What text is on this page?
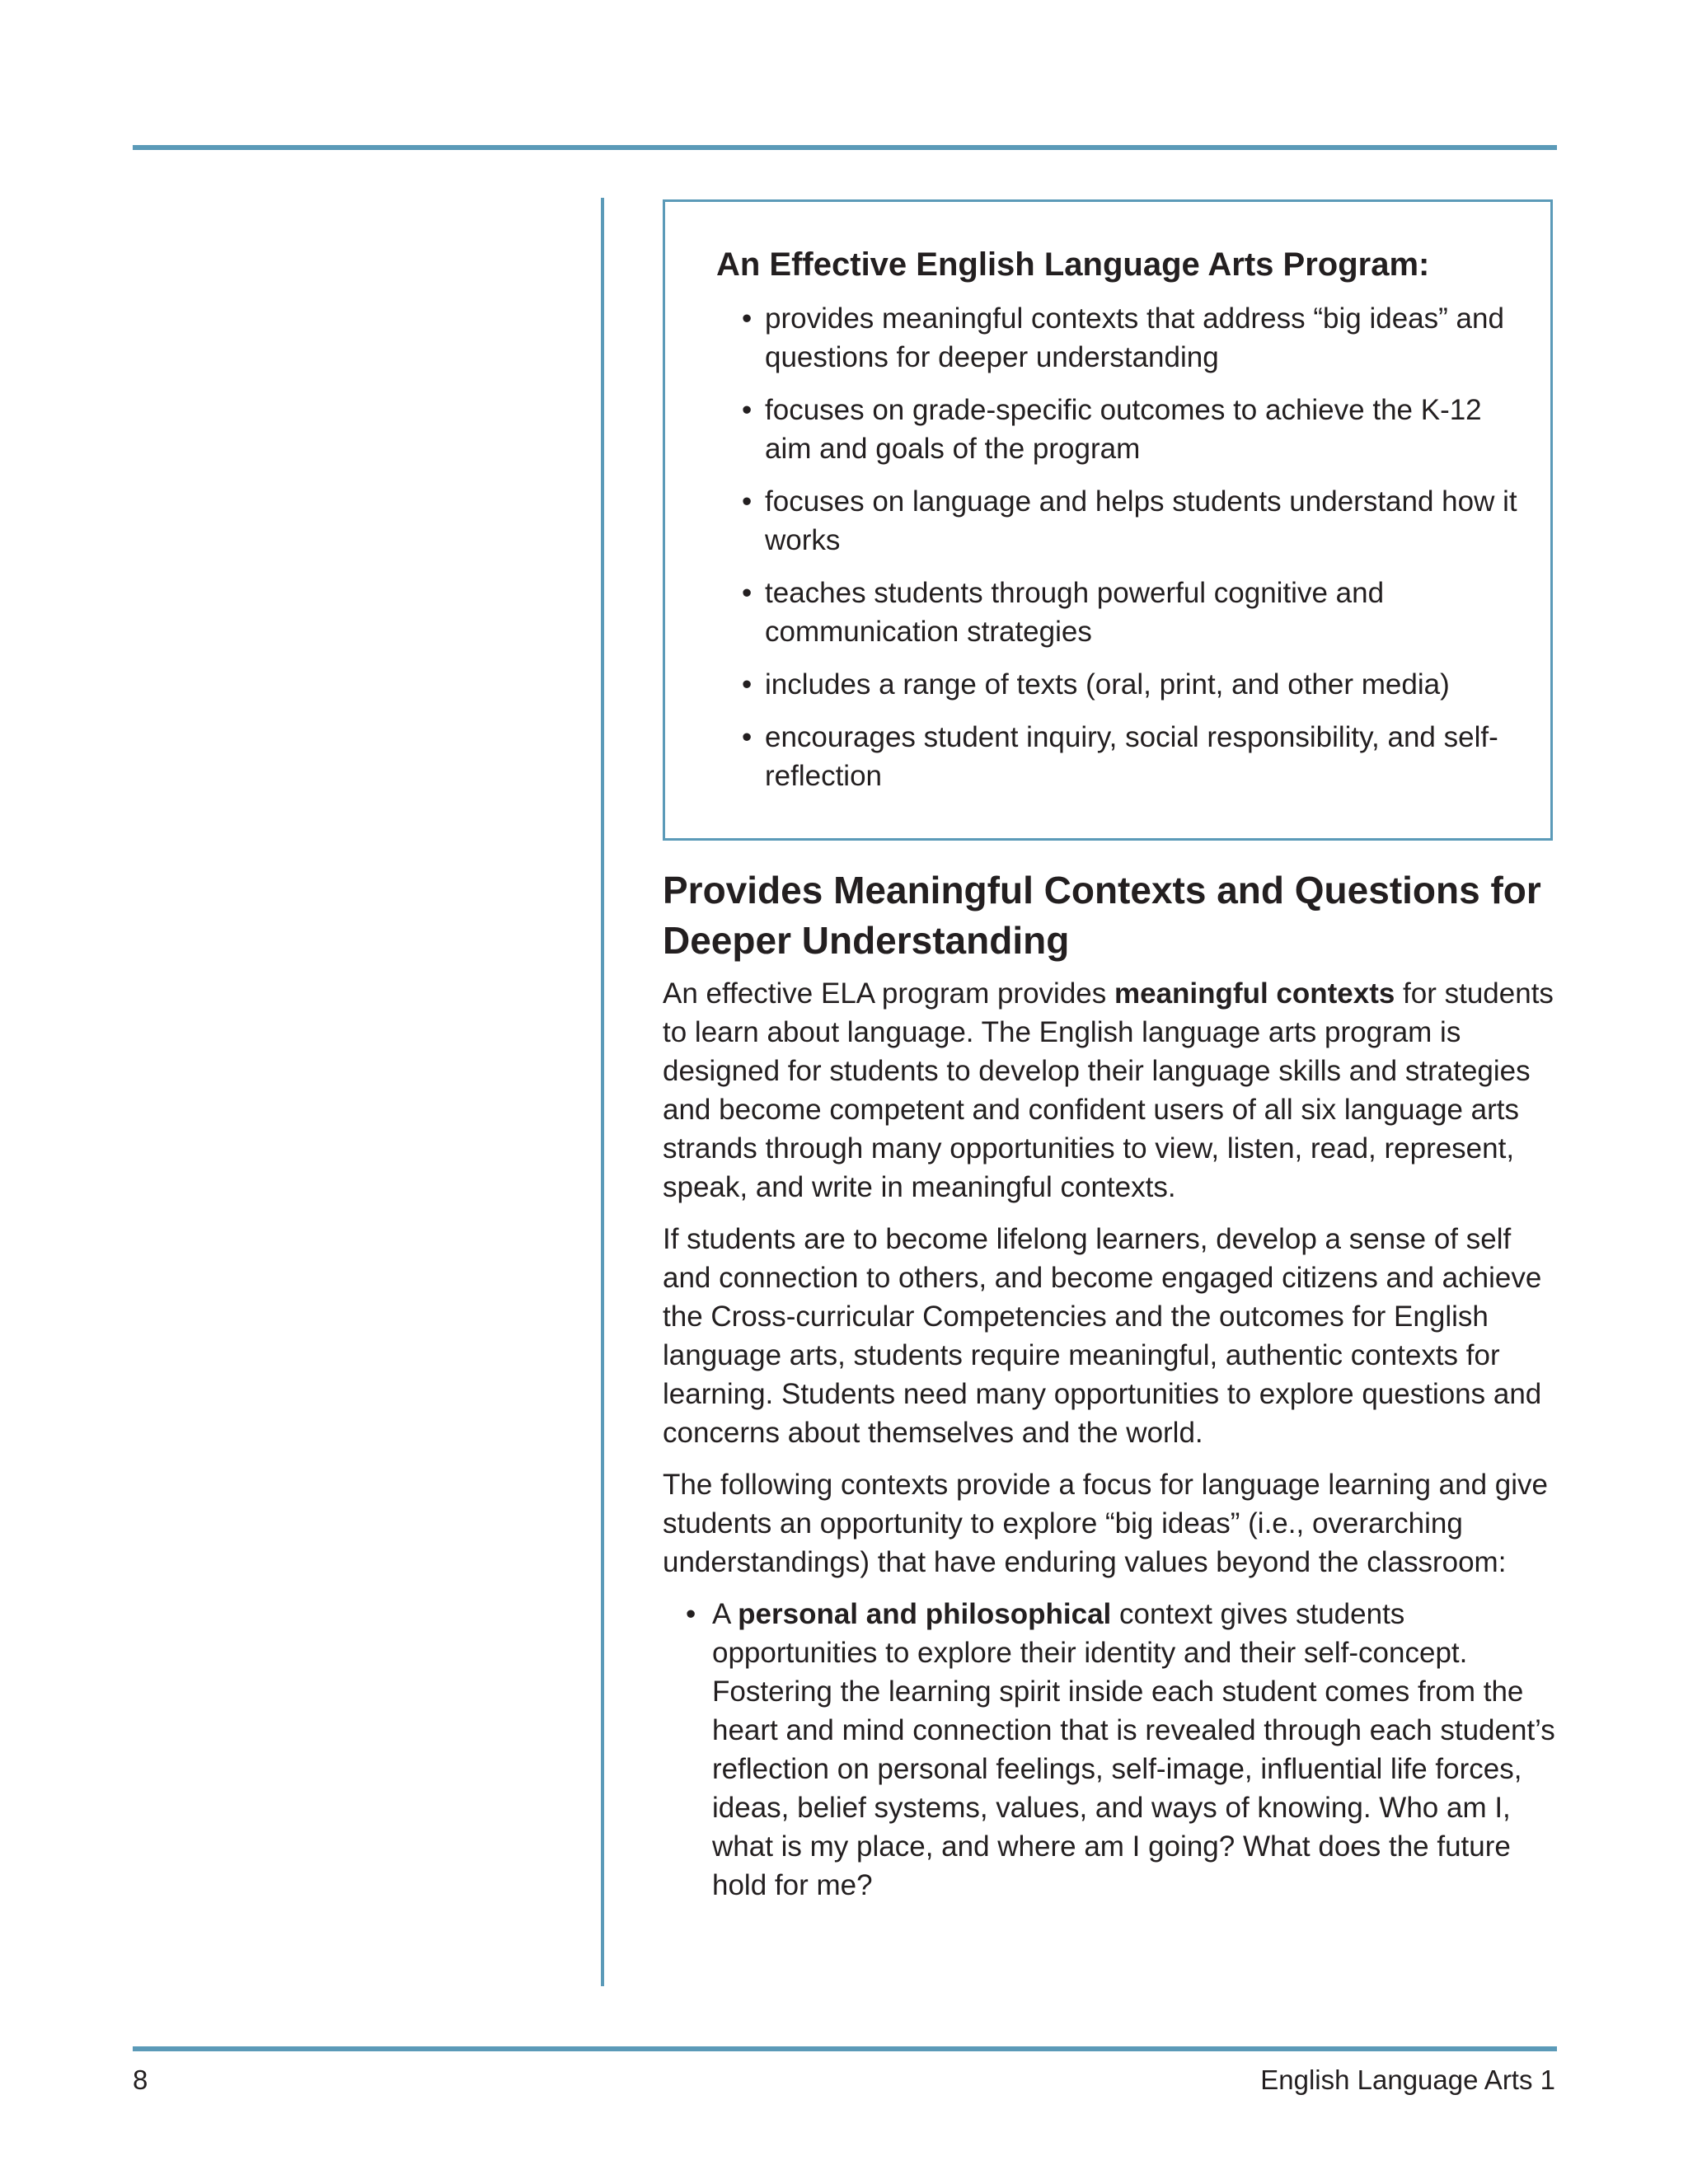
An Effective English Language Arts Program:
• provides meaningful contexts that address “big ideas” and questions for deeper understanding
• focuses on grade-specific outcomes to achieve the K-12 aim and goals of the program
• focuses on language and helps students understand how it works
• teaches students through powerful cognitive and communication strategies
• includes a range of texts (oral, print, and other media)
• encourages student inquiry, social responsibility, and self-reflection
Provides Meaningful Contexts and Questions for Deeper Understanding

An effective ELA program provides meaningful contexts for students to learn about language. The English language arts program is designed for students to develop their language skills and strategies and become competent and confident users of all six language arts strands through many opportunities to view, listen, read, represent, speak, and write in meaningful contexts.

If students are to become lifelong learners, develop a sense of self and connection to others, and become engaged citizens and achieve the Cross-curricular Competencies and the outcomes for English language arts, students require meaningful, authentic contexts for learning. Students need many opportunities to explore questions and concerns about themselves and the world.

The following contexts provide a focus for language learning and give students an opportunity to explore “big ideas” (i.e., overarching understandings) that have enduring values beyond the classroom:

• A personal and philosophical context gives students opportunities to explore their identity and their self-concept. Fostering the learning spirit inside each student comes from the heart and mind connection that is revealed through each student’s reflection on personal feelings, self-image, influential life forces, ideas, belief systems, values, and ways of knowing. Who am I, what is my place, and where am I going? What does the future hold for me?
8	English Language Arts 1
